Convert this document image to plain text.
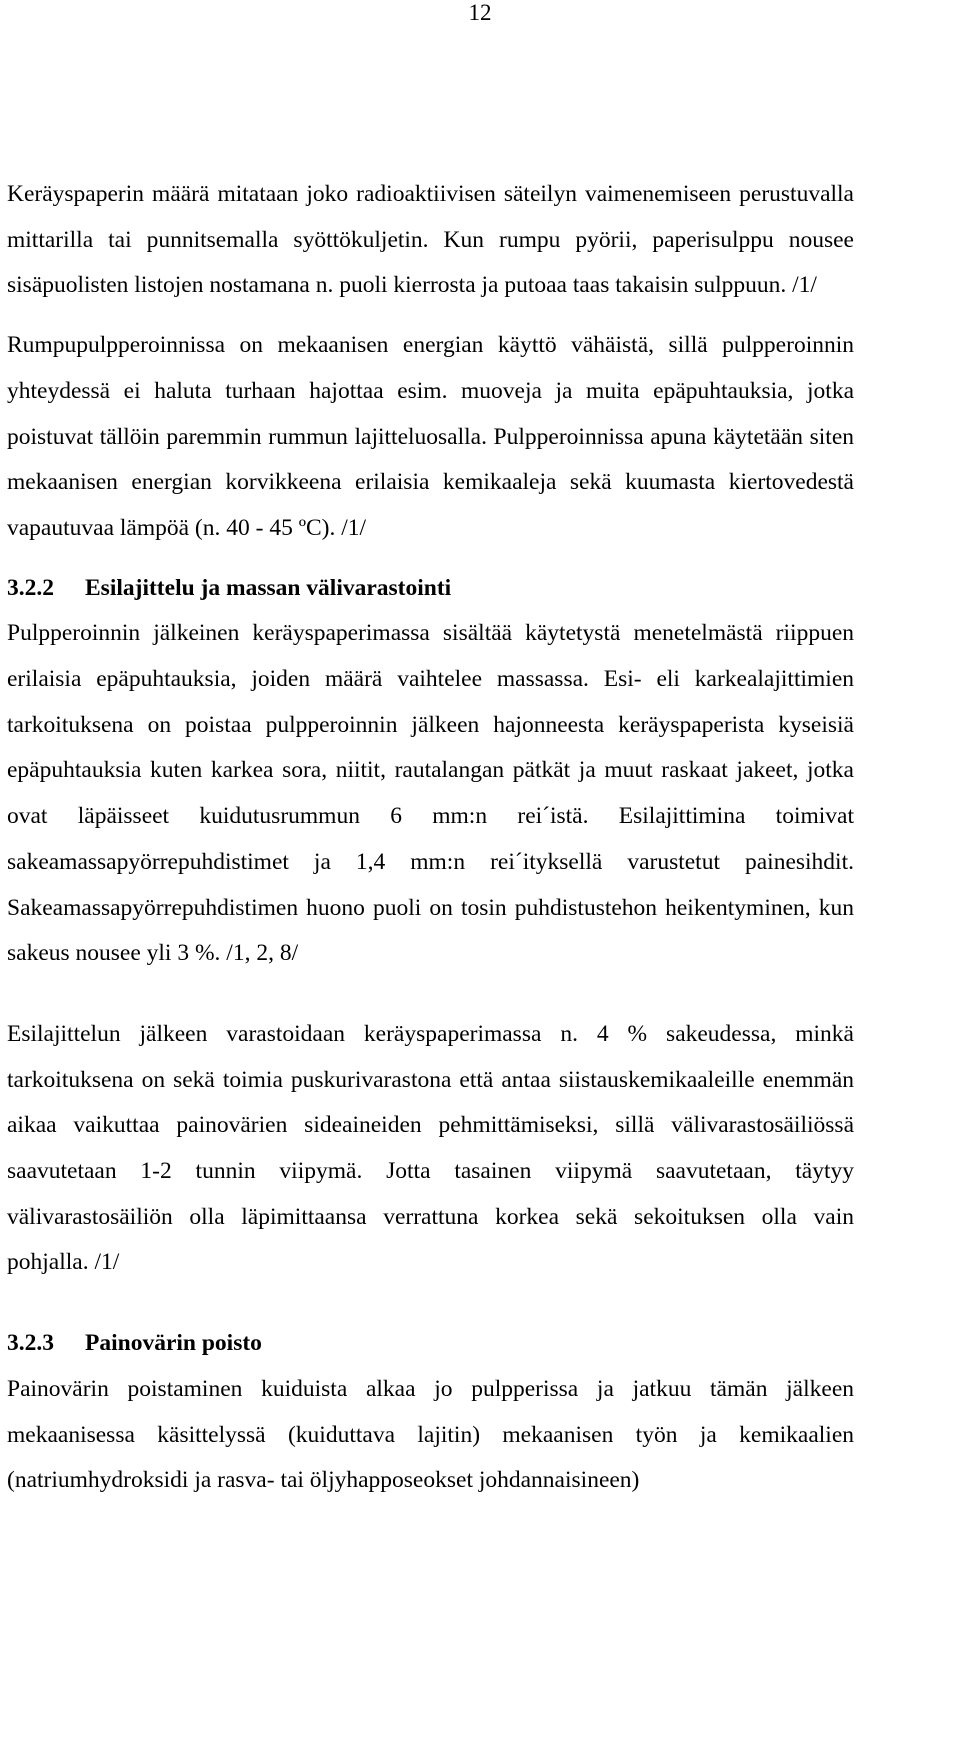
12

Keräyspaperin määrä mitataan joko radioaktiivisen säteilyn vaimenemiseen perustuvalla mittarilla tai punnitsemalla syöttökuljetin. Kun rumpu pyörii, paperisulppu nousee sisäpuolisten listojen nostamana n. puoli kierrosta ja putoaa taas takaisin sulppuun. /1/

Rumpupulpperoinnissa on mekaanisen energian käyttö vähäistä, sillä pulpperoinnin yhteydessä ei haluta turhaan hajottaa esim. muoveja ja muita epäpuhtauksia, jotka poistuvat tällöin paremmin rummun lajitteluosalla. Pulpperoinnissa apuna käytetään siten mekaanisen energian korvikkeena erilaisia kemikaaleja sekä kuumasta kiertovedestä vapautuvaa lämpöä (n. 40 - 45 ºC). /1/

3.2.2	Esilajittelu ja massan välivarastointi

Pulpperoinnin jälkeinen keräyspaperimassa sisältää käytetystä menetelmästä riippuen erilaisia epäpuhtauksia, joiden määrä vaihtelee massassa. Esi- eli karkealajittimien tarkoituksena on poistaa pulpperoinnin jälkeen hajonneesta keräyspaperista kyseisiä epäpuhtauksia kuten karkea sora, niitit, rautalangan pätkät ja muut raskaat jakeet, jotka ovat läpäisseet kuidutusrummun 6 mm:n rei´istä. Esilajittimina toimivat sakeamassapyörrepuhdistimet ja 1,4 mm:n rei´ityksellä varustetut painesihdit. Sakeamassapyörrepuhdistimen huono puoli on tosin puhdistustehon heikentyminen, kun sakeus nousee yli 3 %. /1, 2, 8/

Esilajittelun jälkeen varastoidaan keräyspaperimassa n. 4 % sakeudessa, minkä tarkoituksena on sekä toimia puskurivarastona että antaa siistauskemikaaleille enemmän aikaa vaikuttaa painovärien sideaineiden pehmittämiseksi, sillä välivarastosäiliössä saavutetaan 1-2 tunnin viipymä. Jotta tasainen viipymä saavutetaan, täytyy välivarastosäiliön olla läpimittaansa verrattuna korkea sekä sekoituksen olla vain pohjalla. /1/

3.2.3	Painovärin poisto

Painovärin poistaminen kuiduista alkaa jo pulpperissa ja jatkuu tämän jälkeen mekaanisessa käsittelyssä (kuiduttava lajitin) mekaanisen työn ja kemikaalien (natriumhydroksidi ja rasva- tai öljyhapposeokset johdannaisineen)
